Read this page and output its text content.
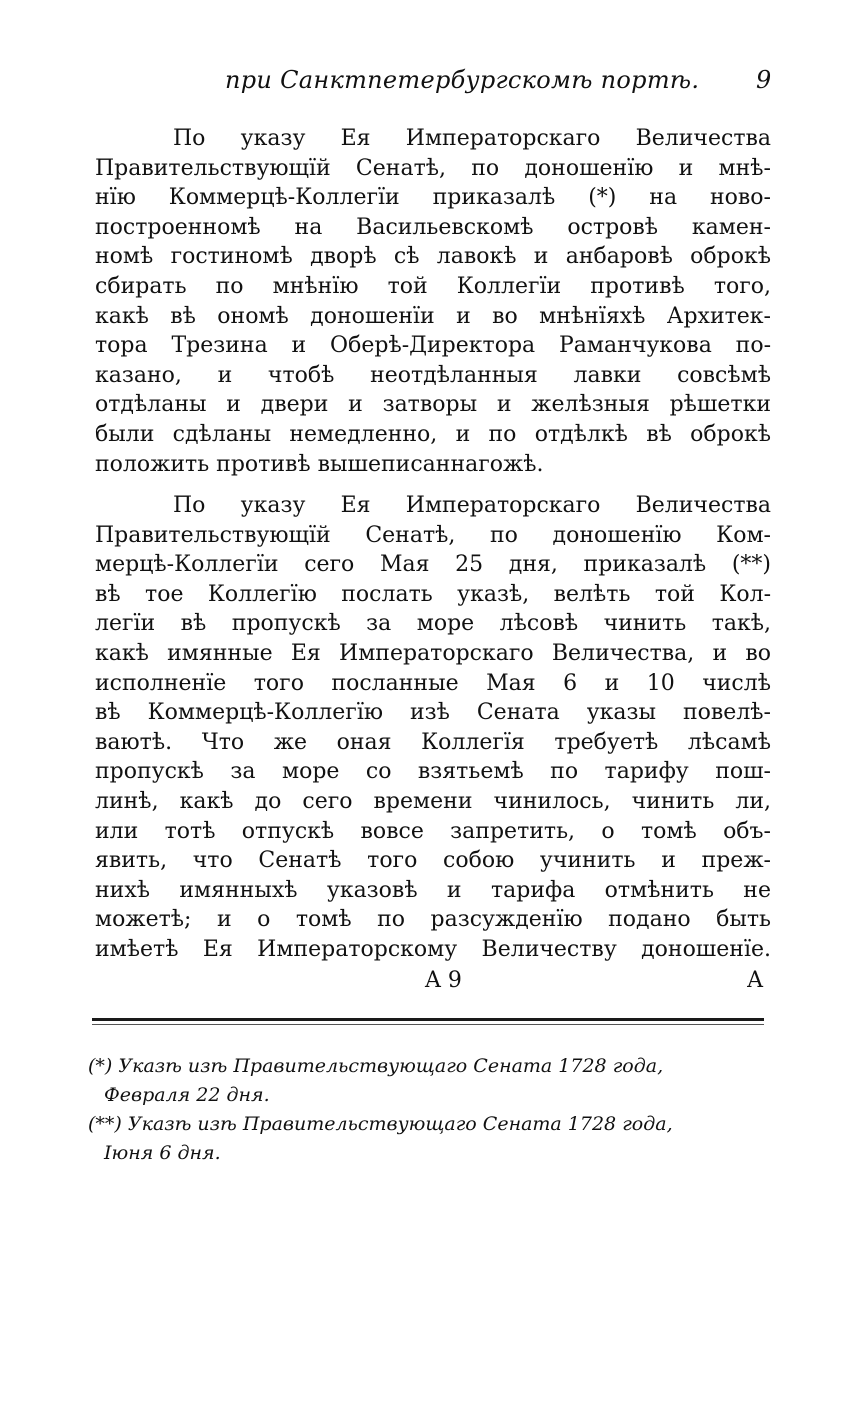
при Санктпетербургскомѣ портѣ. 9
По указу Ея Императорскаго Величества
Правительствующїй Сенатѣ, по доношенїю и мнѣ-
нїю Коммерцѣ-Коллегїи приказалѣ (*) на ново-
построенномѣ на Васильевскомѣ островѣ камен-
номѣ гостиномѣ дворѣ сѣ лавокѣ и анбаровѣ оброкѣ
сбирать по мнѣнїю той Коллегїи противѣ того,
какѣ вѣ ономѣ доношенїи и во мнѣнїяхѣ Архитек-
тора Трезина и Оберѣ-Директора Раманчукова по-
казано, и чтобѣ неотдѣланныя лавки совсѣмѣ
отдѣланы и двери и затворы и желѣзныя рѣшетки
были сдѣланы немедленно, и по отдѣлкѣ вѣ оброкѣ
положить противѣ вышеписаннагожѣ.
По указу Ея Императорскаго Величества
Правительствующїй Сенатѣ, по доношенїю Ком-
мерцѣ-Коллегїи сего Мая 25 дня, приказалѣ (**)
вѣ тое Коллегїю послать указѣ, велѣть той Кол-
легїи вѣ пропускѣ за море лѣсовѣ чинить такѣ,
какѣ имянные Ея Императорскаго Величества, и во
исполненїе того посланные Мая 6 и 10 числѣ
вѣ Коммерцѣ-Коллегїю изѣ Сената указы повелѣ-
ваютѣ. Что же оная Коллегїя требуетѣ лѣсамѣ
пропускѣ за море со взятьемѣ по тарифу пош-
линѣ, какѣ до сего времени чинилось, чинить ли,
или тотѣ отпускѣ вовсе запретить, о томѣ объ-
явить, что Сенатѣ того собою учинить и преж-
нихѣ имянныхѣ указовѣ и тарифа отмѣнить не
можетѣ; и о томѣ по разсужденїю подано быть
имѣетѣ Ея Императорскому Величеству доношенїе.
A 9	A
(*) Указѣ изѣ Правительствующаго Сената 1728 года,
Февраля 22 дня.
(**) Указѣ изѣ Правительствующаго Сената 1728 года,
Iюня 6 дня.
